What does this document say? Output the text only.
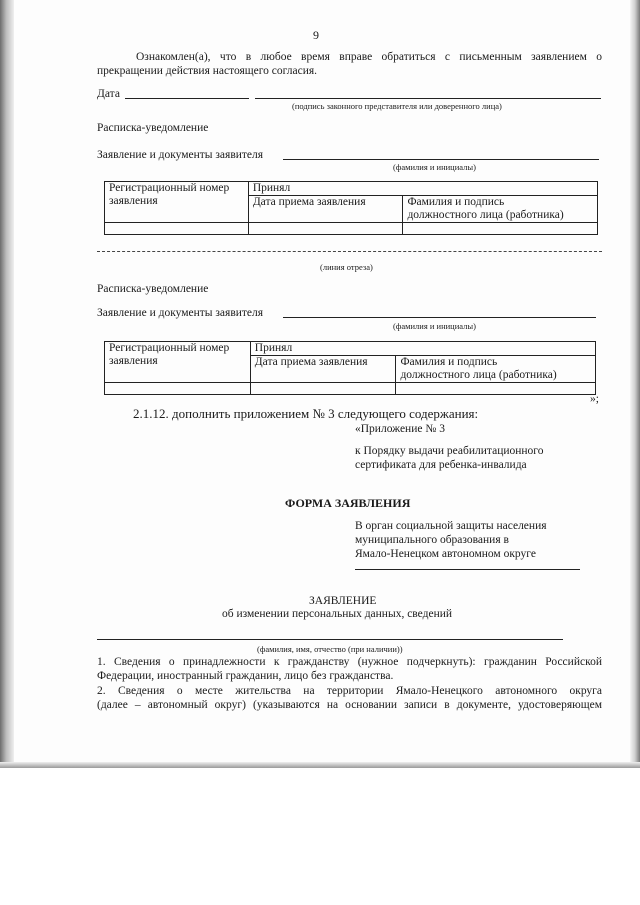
9
Ознакомлен(а), что в любое время вправе обратиться с письменным заявлением о
прекращении действия настоящего согласия.
Дата
(подпись законного представителя или доверенного лица)
Расписка-уведомление
Заявление и документы заявителя
(фамилия и инициалы)
Регистрационный номер
заявления	Принял	
	Дата приема заявления	Фамилия и подпись
должностного лица (работника)

(линия отреза)
Расписка-уведомление
Заявление и документы заявителя
(фамилия и инициалы)
Регистрационный номер
заявления	Принял	
	Дата приема заявления	Фамилия и подпись
должностного лица (работника)

»;
2.1.12. дополнить приложением № 3 следующего содержания:
«Приложение № 3
к Порядку выдачи реабилитационного
сертификата для ребенка-инвалида
ФОРМА ЗАЯВЛЕНИЯ
В орган социальной защиты населения
муниципального образования в
Ямало-Ненецком автономном округе
ЗАЯВЛЕНИЕ
об изменении персональных данных, сведений
(фамилия, имя, отчество (при наличии))
1. Сведения о принадлежности к гражданству (нужное подчеркнуть): гражданин Российской
Федерации, иностранный гражданин, лицо без гражданства.
2. Сведения о месте жительства на территории Ямало-Ненецкого автономного округа
(далее – автономный округ) (указываются на основании записи в документе, удостоверяющем
